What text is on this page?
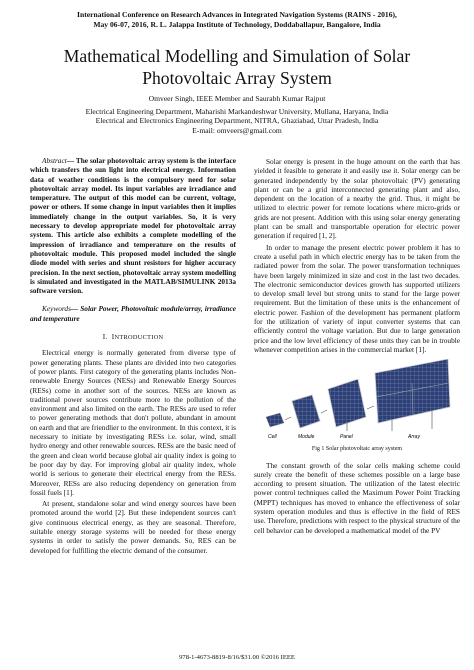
International Conference on Research Advances in Integrated Navigation Systems (RAINS - 2016),
May 06-07, 2016, R. L. Jalappa Institute of Technology, Doddaballapur, Bangalore, India
Mathematical Modelling and Simulation of Solar
Photovoltaic Array System
Omveer Singh, IEEE Member and Saurabh Kumar Rajput
Electrical Engineering Department, Maharishi Markandeshwar University, Mullana, Haryana, India
Electrical and Electronics Engineering Department, NITRA, Ghaziabad, Uttar Pradesh, India
E-mail: omveers@gmail.com

Abstract— The solar photovoltaic array system is the interface which transfers the sun light into electrical energy. Information data of weather conditions is the compulsory need for solar photovoltaic array model. Its input variables are irradiance and temperature. The output of this model can be current, voltage, power or others. If some change in input variables then it implies immediately change in the output variables. So, it is very necessary to develop appropriate model for photovoltaic array system. This article also exhibits a complete modelling of the impression of irradiance and temperature on the results of photovoltaic module. This proposed model included the single diode model with series and shunt resistors for higher accuracy precision. In the next section, photovoltaic array system modelling is simulated and investigated in the MATLAB/SIMULINK 2013a software version.

Keywords— Solar Power, Photovoltaic module/array, irradiance and temperature

I. INTRODUCTION

Electrical energy is normally generated from diverse type of power generating plants. These plants are divided into two categories of power plants. First category of the generating plants includes Non-renewable Energy Sources (NESs) and Renewable Energy Sources (RESs) come in another sort of the sources. NESs are known as traditional power sources contribute more to the pollution of the environment and also limited on the earth. The RESs are used to refer to power generating methods that don't pollute, abundant in amount on earth and that are friendlier to the environment. In this context, it is necessary to initiate by investigating RESs i.e. solar, wind, small hydro energy and other renewable sources. RESs are the basic need of the green and clean world because global air quality index is going to be poor day by day. For improving global air quality index, whole world is serious to generate their electrical energy from the RESs. Moreover, RESs are also reducing dependency on generation from fossil fuels [1].

At present, standalone solar and wind energy sources have been promoted around the world [2]. But these independent sources can't give continuous electrical energy, as they are seasonal. Therefore, suitable energy storage systems will be needed for these energy systems in order to satisfy the power demands. So, RES can be developed for fulfilling the electric demand of the consumer.

Solar energy is present in the huge amount on the earth that has yielded it feasible to generate it and easily use it. Solar energy can be generated independently by the solar photovoltaic (PV) generating plant or can be a grid interconnected generating plant and also, dependent on the location of a nearby the grid. Thus, it might be utilized to electric power for remote locations where micro-grids or grids are not present. Addition with this using solar energy generating plant can be small and transportable operation for electric power generation if required [1, 2].

In order to manage the present electric power problem it has to create a useful path in which electric energy has to be taken from the radiated power from the solar. The power transformation techniques have been largely minimized in size and cost in the last two decades. The electronic semiconductor devices growth has supported utilizers to develop small level but strong units to stand for the large power requirement. But the limitation of these units is the enhancement of electric power. Fashion of the development has permanent platform for the utilization of variety of input converter systems that can efficiently control the voltage variation. But due to large generation price and the low level efficiency of these units they can be in trouble whenever competition arises in the commercial market [1].

Cell	Module	Panel	Array
Fig 1 Solar photovoltaic array system

The constant growth of the solar cells making scheme could surely create the benefit of these schemes possible on a large base according to present situation. The utilization of the latest electric power control techniques called the Maximum Power Point Tracking (MPPT) techniques has moved to enhance the effectiveness of solar system operation modules and thus is effective in the field of RES use. Therefore, predictions with respect to the physical structure of the cell behavior can be developed a mathematical model of the PV

978-1-4673-8819-8/16/$31.00 ©2016 IEEE
